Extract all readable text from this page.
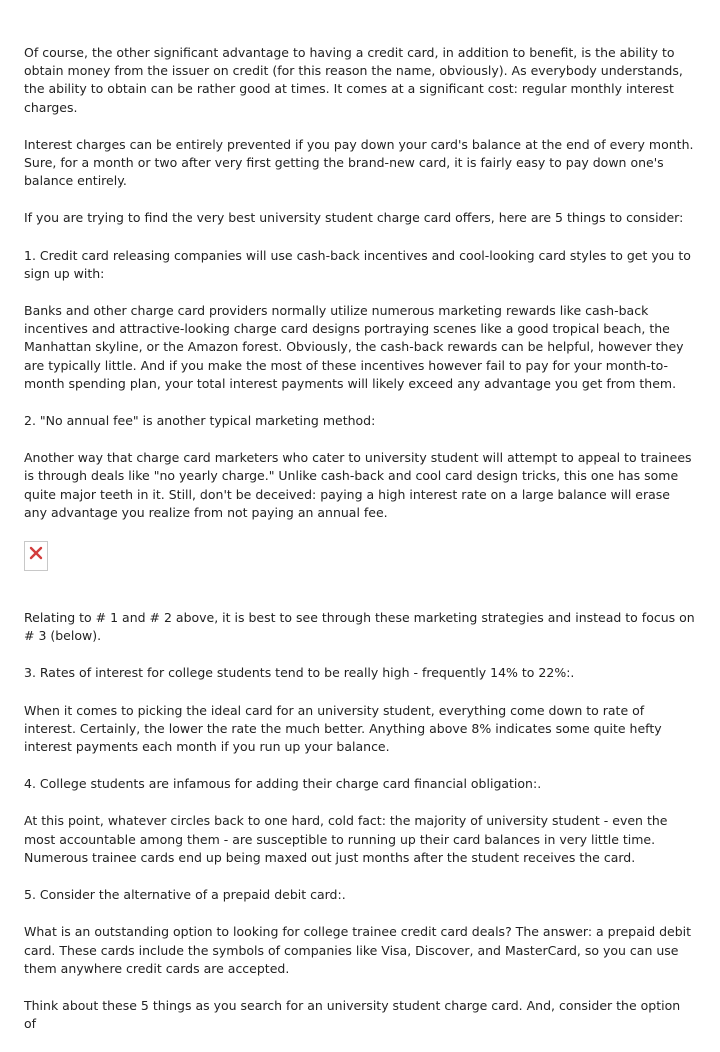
Of course, the other significant advantage to having a credit card, in addition to benefit, is the ability to obtain money from the issuer on credit (for this reason the name, obviously). As everybody understands, the ability to obtain can be rather good at times. It comes at a significant cost: regular monthly interest charges.

Interest charges can be entirely prevented if you pay down your card's balance at the end of every month. Sure, for a month or two after very first getting the brand-new card, it is fairly easy to pay down one's balance entirely.

If you are trying to find the very best university student charge card offers, here are 5 things to consider:

1. Credit card releasing companies will use cash-back incentives and cool-looking card styles to get you to sign up with:

Banks and other charge card providers normally utilize numerous marketing rewards like cash-back incentives and attractive-looking charge card designs portraying scenes like a good tropical beach, the Manhattan skyline, or the Amazon forest. Obviously, the cash-back rewards can be helpful, however they are typically little. And if you make the most of these incentives however fail to pay for your month-to-month spending plan, your total interest payments will likely exceed any advantage you get from them.

2. "No annual fee" is another typical marketing method:

Another way that charge card marketers who cater to university student will attempt to appeal to trainees is through deals like "no yearly charge." Unlike cash-back and cool card design tricks, this one has some quite major teeth in it. Still, don't be deceived: paying a high interest rate on a large balance will erase any advantage you realize from not paying an annual fee.

Relating to # 1 and # 2 above, it is best to see through these marketing strategies and instead to focus on # 3 (below).

3. Rates of interest for college students tend to be really high - frequently 14% to 22%:.

When it comes to picking the ideal card for an university student, everything come down to rate of interest. Certainly, the lower the rate the much better. Anything above 8% indicates some quite hefty interest payments each month if you run up your balance.

4. College students are infamous for adding their charge card financial obligation:.

At this point, whatever circles back to one hard, cold fact: the majority of university student - even the most accountable among them - are susceptible to running up their card balances in very little time. Numerous trainee cards end up being maxed out just months after the student receives the card.

5. Consider the alternative of a prepaid debit card:.

What is an outstanding option to looking for college trainee credit card deals? The answer: a prepaid debit card. These cards include the symbols of companies like Visa, Discover, and MasterCard, so you can use them anywhere credit cards are accepted.

Think about these 5 things as you search for an university student charge card. And, consider the option of
